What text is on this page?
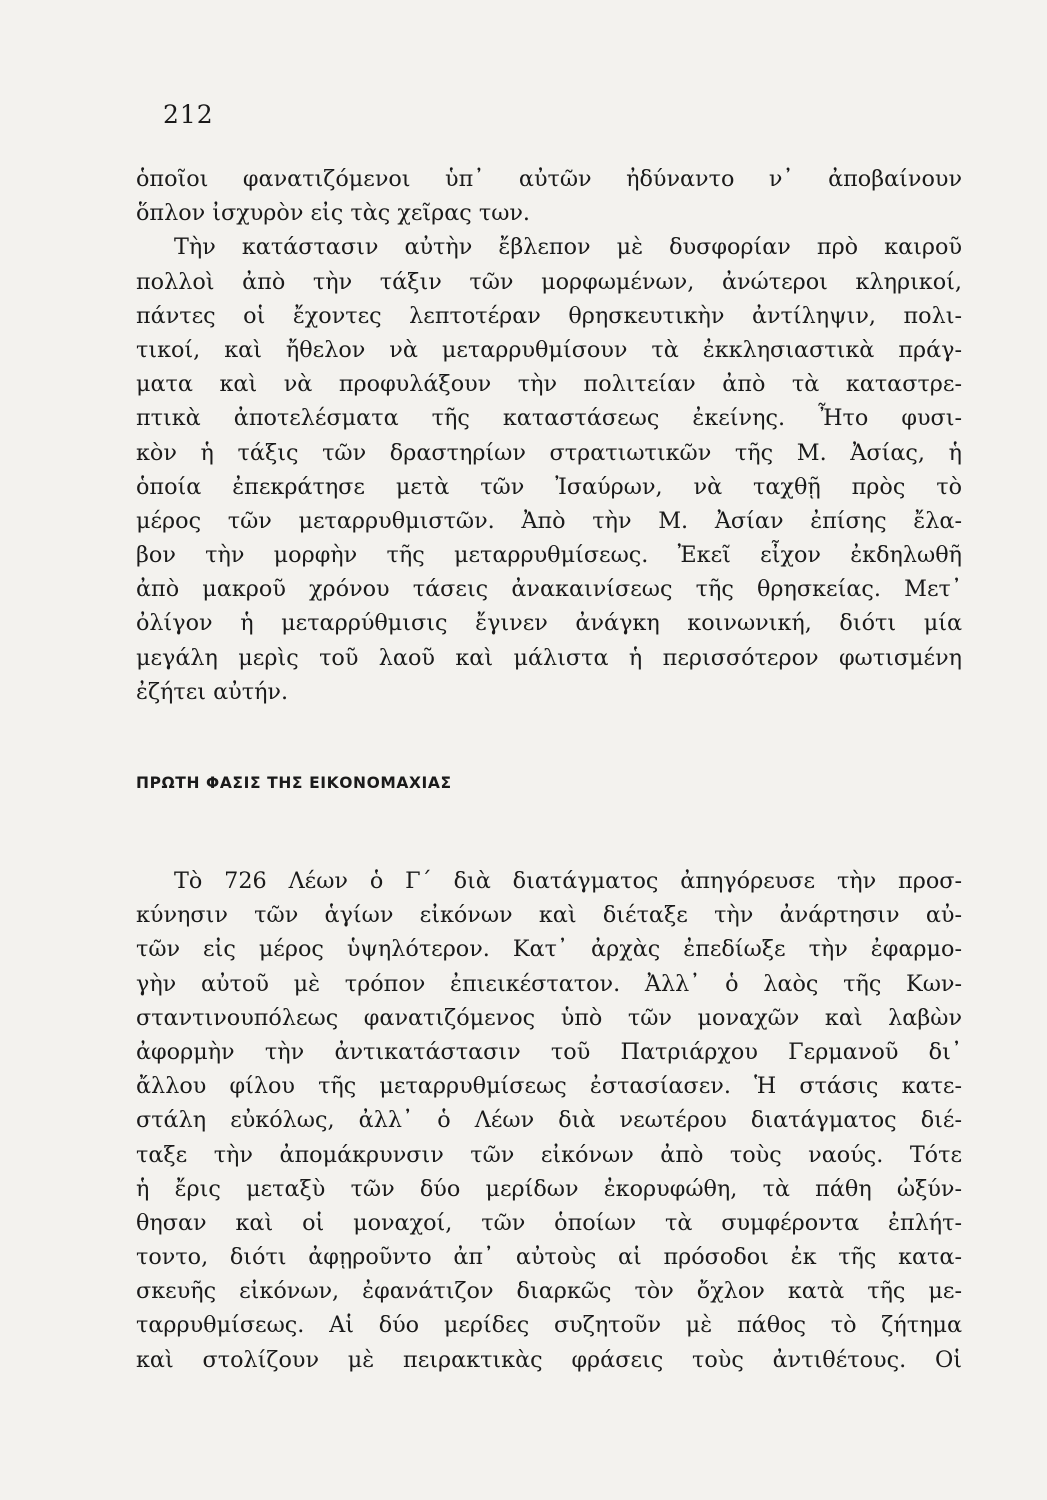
212
ὁποῖοι φανατιζόμενοι ὑπ᾿ αὐτῶν ἠδύναντο ν᾿ ἀποβαίνουν
ὅπλον ἰσχυρὸν εἰς τὰς χεῖρας των.
Τὴν κατάστασιν αὐτὴν ἔβλεπον μὲ δυσφορίαν πρὸ καιροῦ
πολλοὶ ἀπὸ τὴν τάξιν τῶν μορφωμένων, ἀνώτεροι κληρικοί,
πάντες οἱ ἔχοντες λεπτοτέραν θρησκευτικὴν ἀντίληψιν, πολι-
τικοί, καὶ ἤθελον νὰ μεταρρυθμίσουν τὰ ἐκκλησιαστικὰ πράγ-
ματα καὶ νὰ προφυλάξουν τὴν πολιτείαν ἀπὸ τὰ καταστρε-
πτικὰ ἀποτελέσματα τῆς καταστάσεως ἐκείνης. Ἦτο φυσι-
κὸν ἡ τάξις τῶν δραστηρίων στρατιωτικῶν τῆς Μ. Ἀσίας, ἡ
ὁποία ἐπεκράτησε μετὰ τῶν Ἰσαύρων, νὰ ταχθῇ πρὸς τὸ
μέρος τῶν μεταρρυθμιστῶν. Ἀπὸ τὴν Μ. Ἀσίαν ἐπίσης ἔλα-
βον τὴν μορφὴν τῆς μεταρρυθμίσεως. Ἐκεῖ εἶχον ἐκδηλωθῆ
ἀπὸ μακροῦ χρόνου τάσεις ἀνακαινίσεως τῆς θρησκείας. Μετ᾿
ὀλίγον ἡ μεταρρύθμισις ἔγινεν ἀνάγκη κοινωνική, διότι μία
μεγάλη μερὶς τοῦ λαοῦ καὶ μάλιστα ἡ περισσότερον φωτισμένη
ἐζήτει αὐτήν.
ΠΡΩΤΗ ΦΑΣΙΣ ΤΗΣ ΕΙΚΟΝΟΜΑΧΙΑΣ
Τὸ 726 Λέων ὁ Γ΄ διὰ διατάγματος ἀπηγόρευσε τὴν προσ-
κύνησιν τῶν ἁγίων εἰκόνων καὶ διέταξε τὴν ἀνάρτησιν αὐ-
τῶν εἰς μέρος ὑψηλότερον. Κατ᾿ ἀρχὰς ἐπεδίωξε τὴν ἐφαρμο-
γὴν αὐτοῦ μὲ τρόπον ἐπιεικέστατον. Ἀλλ᾿ ὁ λαὸς τῆς Κων-
σταντινουπόλεως φανατιζόμενος ὑπὸ τῶν μοναχῶν καὶ λαβὼν
ἀφορμὴν τὴν ἀντικατάστασιν τοῦ Πατριάρχου Γερμανοῦ δι᾿
ἄλλου φίλου τῆς μεταρρυθμίσεως ἐστασίασεν. Ἡ στάσις κατε-
στάλη εὐκόλως, ἀλλ᾿ ὁ Λέων διὰ νεωτέρου διατάγματος διέ-
ταξε τὴν ἀπομάκρυνσιν τῶν εἰκόνων ἀπὸ τοὺς ναούς. Τότε
ἡ ἔρις μεταξὺ τῶν δύο μερίδων ἐκορυφώθη, τὰ πάθη ὠξύν-
θησαν καὶ οἱ μοναχοί, τῶν ὁποίων τὰ συμφέροντα ἐπλήτ-
τοντο, διότι ἀφῃροῦντο ἀπ᾿ αὐτοὺς αἱ πρόσοδοι ἐκ τῆς κατα-
σκευῆς εἰκόνων, ἐφανάτιζον διαρκῶς τὸν ὄχλον κατὰ τῆς με-
ταρρυθμίσεως. Αἱ δύο μερίδες συζητοῦν μὲ πάθος τὸ ζήτημα
καὶ στολίζουν μὲ πειρακτικὰς φράσεις τοὺς ἀντιθέτους. Οἱ
